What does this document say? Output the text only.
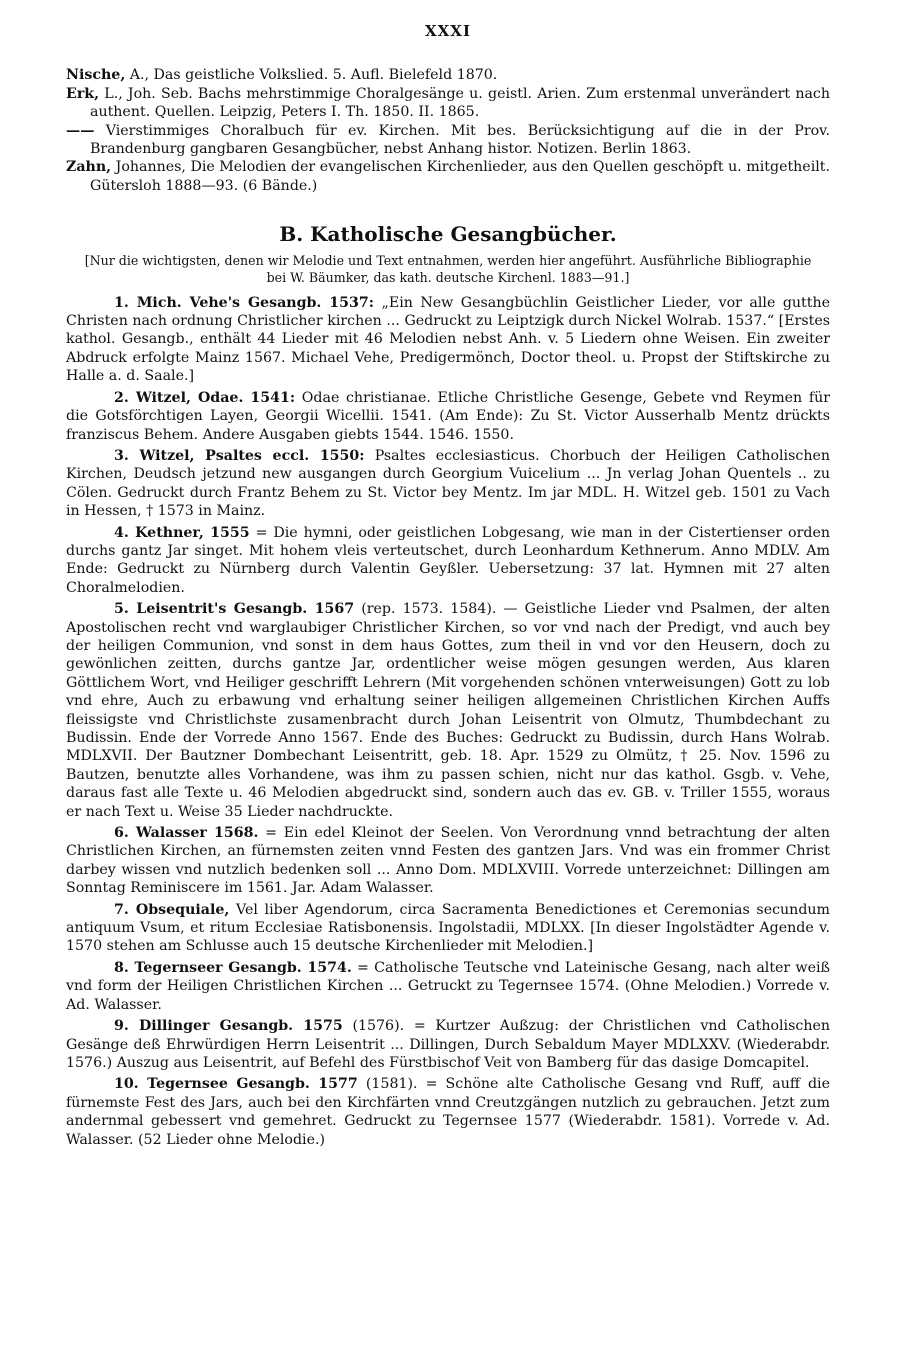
XXXI

Nische, A., Das geistliche Volkslied. 5. Aufl. Bielefeld 1870.

Erk, L., Joh. Seb. Bachs mehrstimmige Choralgesänge u. geistl. Arien. Zum erstenmal unverändert nach authent. Quellen. Leipzig, Peters I. Th. 1850. II. 1865.

—— Vierstimmiges Choralbuch für ev. Kirchen. Mit bes. Berücksichtigung auf die in der Prov. Brandenburg gangbaren Gesangbücher, nebst Anhang histor. Notizen. Berlin 1863.

Zahn, Johannes, Die Melodien der evangelischen Kirchenlieder, aus den Quellen geschöpft u. mitgetheilt. Gütersloh 1888—93. (6 Bände.)

B. Katholische Gesangbücher.
[Nur die wichtigsten, denen wir Melodie und Text entnahmen, werden hier angeführt. Ausführliche Bibliographie bei W. Bäumker, das kath. deutsche Kirchenl. 1883—91.]

1. Mich. Vehe's Gesangb. 1537: „Ein New Gesangbüchlin Geistlicher Lieder, vor alle gutthe Christen nach ordnung Christlicher kirchen ... Gedruckt zu Leiptzigk durch Nickel Wolrab. 1537.“ [Erstes kathol. Gesangb., enthält 44 Lieder mit 46 Melodien nebst Anh. v. 5 Liedern ohne Weisen. Ein zweiter Abdruck erfolgte Mainz 1567. Michael Vehe, Predigermönch, Doctor theol. u. Propst der Stiftskirche zu Halle a. d. Saale.]

2. Witzel, Odae. 1541: Odae christianae. Etliche Christliche Gesenge, Gebete vnd Reymen für die Gotsförchtigen Layen, Georgii Wicellii. 1541. (Am Ende): Zu St. Victor Ausserhalb Mentz drückts franziscus Behem. Andere Ausgaben giebts 1544. 1546. 1550.

3. Witzel, Psaltes eccl. 1550: Psaltes ecclesiasticus. Chorbuch der Heiligen Catholischen Kirchen, Deudsch jetzund new ausgangen durch Georgium Vuicelium ... Jn verlag Johan Quentels .. zu Cölen. Gedruckt durch Frantz Behem zu St. Victor bey Mentz. Im jar MDL. H. Witzel geb. 1501 zu Vach in Hessen, † 1573 in Mainz.

4. Kethner, 1555 = Die hymni, oder geistlichen Lobgesang, wie man in der Cistertienser orden durchs gantz Jar singet. Mit hohem vleis verteutschet, durch Leonhardum Kethnerum. Anno MDLV. Am Ende: Gedruckt zu Nürnberg durch Valentin Geyßler. Uebersetzung: 37 lat. Hymnen mit 27 alten Choralmelodien.

5. Leisentrit's Gesangb. 1567 (rep. 1573. 1584). — Geistliche Lieder vnd Psalmen, der alten Apostolischen recht vnd warglaubiger Christlicher Kirchen, so vor vnd nach der Predigt, vnd auch bey der heiligen Communion, vnd sonst in dem haus Gottes, zum theil in vnd vor den Heusern, doch zu gewönlichen zeitten, durchs gantze Jar, ordentlicher weise mögen gesungen werden, Aus klaren Göttlichem Wort, vnd Heiliger geschrifft Lehrern (Mit vorgehenden schönen vnterweisungen) Gott zu lob vnd ehre, Auch zu erbawung vnd erhaltung seiner heiligen allgemeinen Christlichen Kirchen Auffs fleissigste vnd Christlichste zusamenbracht durch Johan Leisentrit von Olmutz, Thumbdechant zu Budissin. Ende der Vorrede Anno 1567. Ende des Buches: Gedruckt zu Budissin, durch Hans Wolrab. MDLXVII. Der Bautzner Dombechant Leisentritt, geb. 18. Apr. 1529 zu Olmütz, † 25. Nov. 1596 zu Bautzen, benutzte alles Vorhandene, was ihm zu passen schien, nicht nur das kathol. Gsgb. v. Vehe, daraus fast alle Texte u. 46 Melodien abgedruckt sind, sondern auch das ev. GB. v. Triller 1555, woraus er nach Text u. Weise 35 Lieder nachdruckte.

6. Walasser 1568. = Ein edel Kleinot der Seelen. Von Verordnung vnnd betrachtung der alten Christlichen Kirchen, an fürnemsten zeiten vnnd Festen des gantzen Jars. Vnd was ein frommer Christ darbey wissen vnd nutzlich bedenken soll ... Anno Dom. MDLXVIII. Vorrede unterzeichnet: Dillingen am Sonntag Reminiscere im 1561. Jar. Adam Walasser.

7. Obsequiale, Vel liber Agendorum, circa Sacramenta Benedictiones et Ceremonias secundum antiquum Vsum, et ritum Ecclesiae Ratisbonensis. Ingolstadii, MDLXX. [In dieser Ingolstädter Agende v. 1570 stehen am Schlusse auch 15 deutsche Kirchenlieder mit Melodien.]

8. Tegernseer Gesangb. 1574. = Catholische Teutsche vnd Lateinische Gesang, nach alter weiß vnd form der Heiligen Christlichen Kirchen ... Getruckt zu Tegernsee 1574. (Ohne Melodien.) Vorrede v. Ad. Walasser.

9. Dillinger Gesangb. 1575 (1576). = Kurtzer Außzug: der Christlichen vnd Catholischen Gesänge deß Ehrwürdigen Herrn Leisentrit ... Dillingen, Durch Sebaldum Mayer MDLXXV. (Wiederabdr. 1576.) Auszug aus Leisentrit, auf Befehl des Fürstbischof Veit von Bamberg für das dasige Domcapitel.

10. Tegernsee Gesangb. 1577 (1581). = Schöne alte Catholische Gesang vnd Ruff, auff die fürnemste Fest des Jars, auch bei den Kirchfärten vnnd Creutzgängen nutzlich zu gebrauchen. Jetzt zum andernmal gebessert vnd gemehret. Gedruckt zu Tegernsee 1577 (Wiederabdr. 1581). Vorrede v. Ad. Walasser. (52 Lieder ohne Melodie.)
